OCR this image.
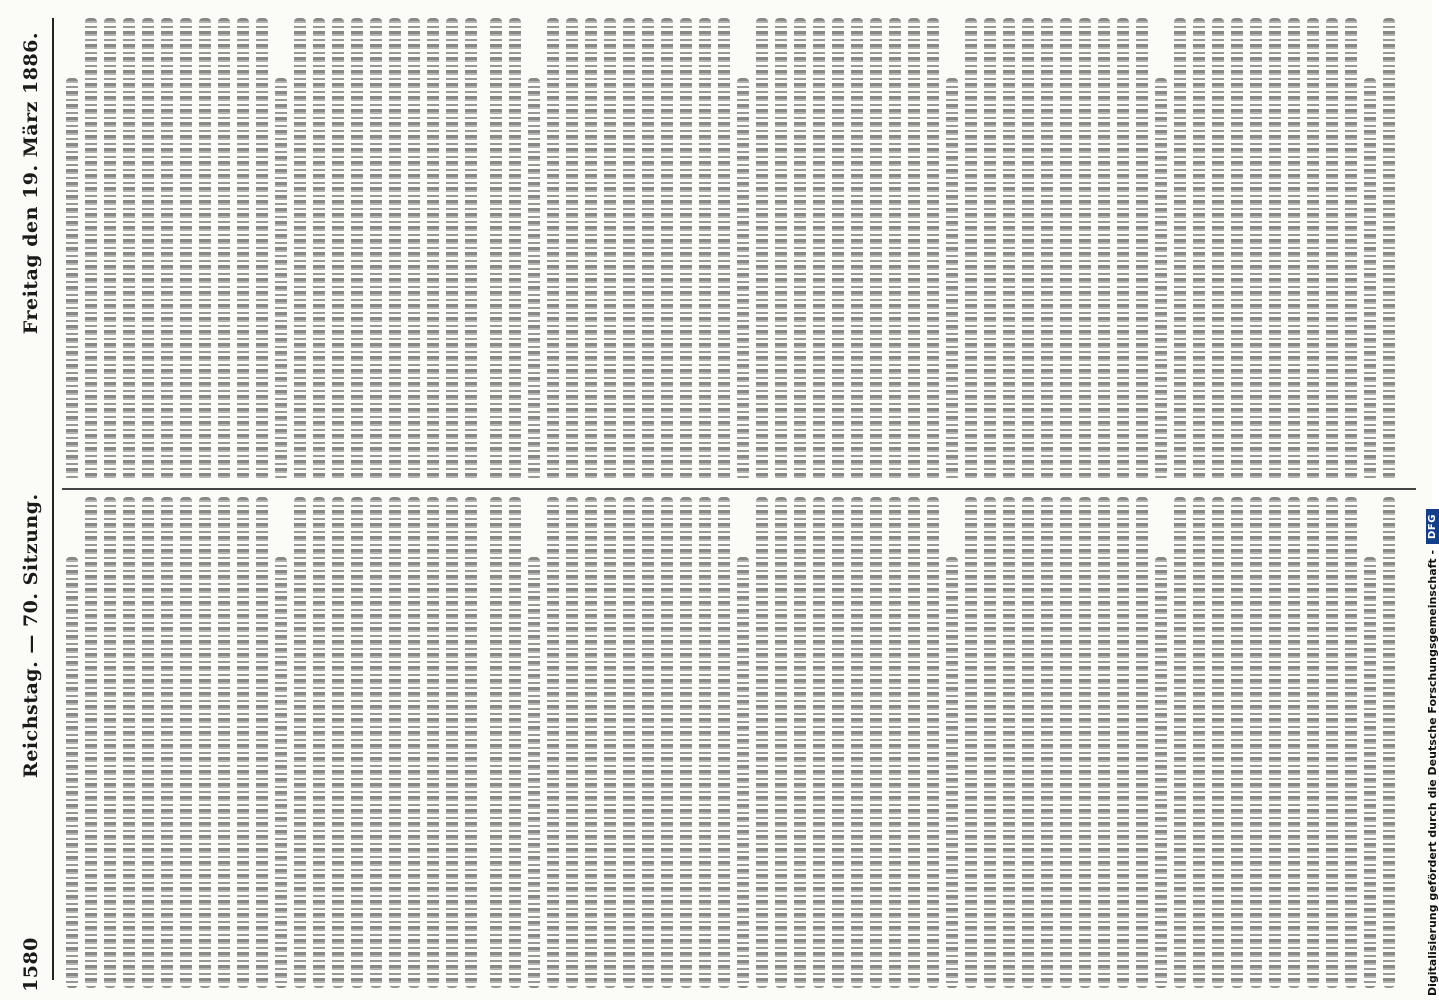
1580
Reichstag. — 70. Sitzung.
Freitag den 19. März 1886.
Digitalisierung gefördert durch die Deutsche Forschungsgemeinschaft -
DFG
